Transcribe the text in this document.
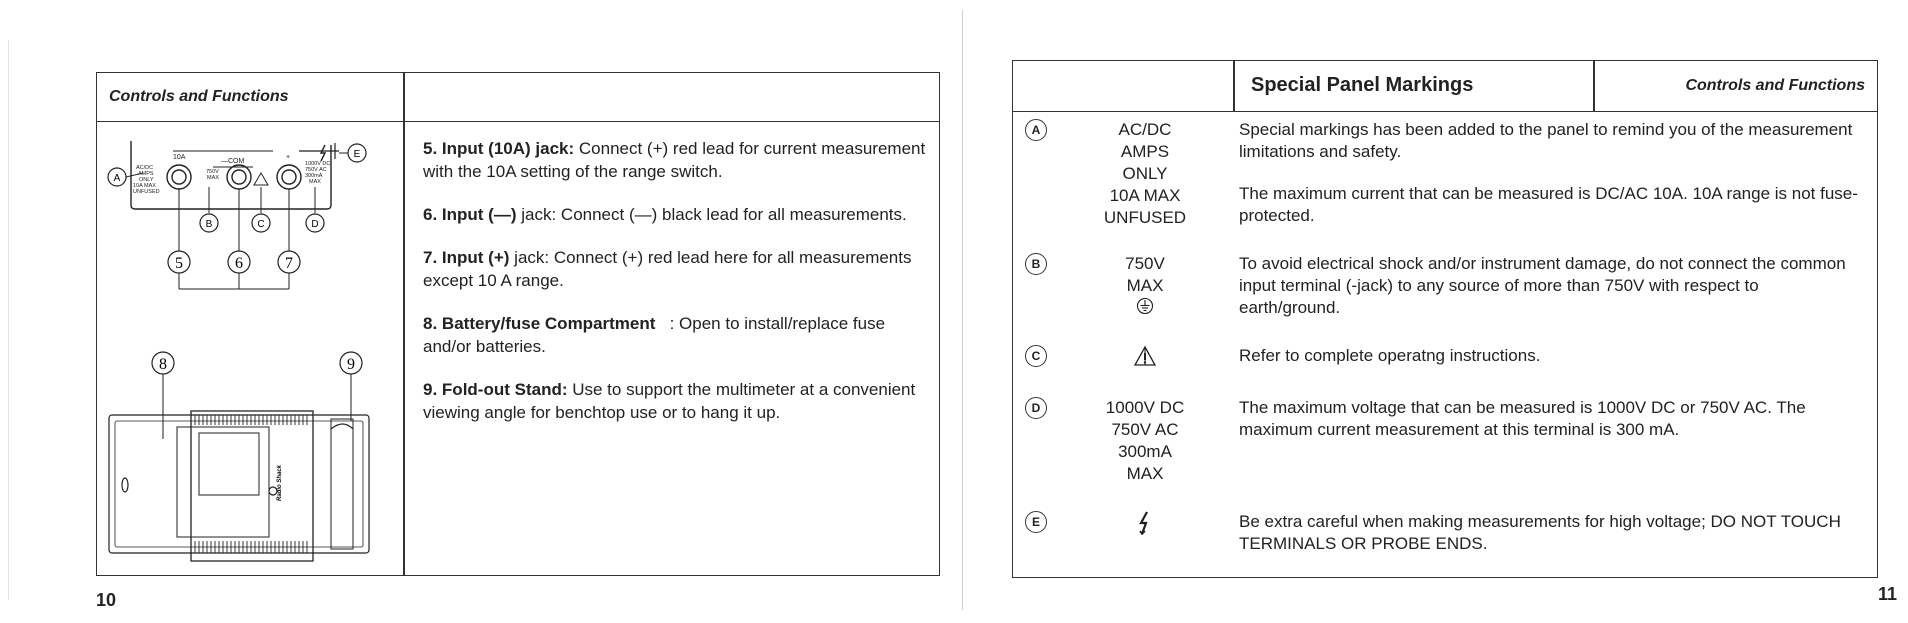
Controls and Functions
10A
—COM
+
AC/DC
AMPS
ONLY
10A MAX
UNFUSED
750V
MAX
1000V DC
750V AC
300mA
MAX
A
E
B	C	D
5	6	7
8	9
Radio Shack
5. Input (10A) jack: Connect (+) red lead for current measurement with the 10A setting of the range switch.
6. Input (—) jack: Connect (—) black lead for all measurements.
7. Input (+) jack: Connect (+) red lead here for all measurements except 10 A range.
8. Battery/fuse Compartment   : Open to install/replace fuse and/or batteries.
9. Fold-out Stand: Use to support the multimeter at a convenient viewing angle for benchtop use or to hang it up.
10
Special Panel Markings	Controls and Functions
A	AC/DC
AMPS
ONLY
10A MAX
UNFUSED

Special markings has been added to the panel to remind you of the measurement limitations and safety.

The maximum current that can be measured is DC/AC 10A. 10A range is not fuse-protected.

B	750V
MAX

To avoid electrical shock and/or instrument damage, do not connect the common input terminal (-jack) to any source of more than 750V with respect to earth/ground.

C	Refer to complete operatng instructions.

D	1000V DC
750V AC
300mA
MAX

The maximum voltage that can be measured is 1000V DC or 750V AC. The maximum current measurement at this terminal is 300 mA.

E	Be extra careful when making measurements for high voltage; DO NOT TOUCH TERMINALS OR PROBE ENDS.

11
